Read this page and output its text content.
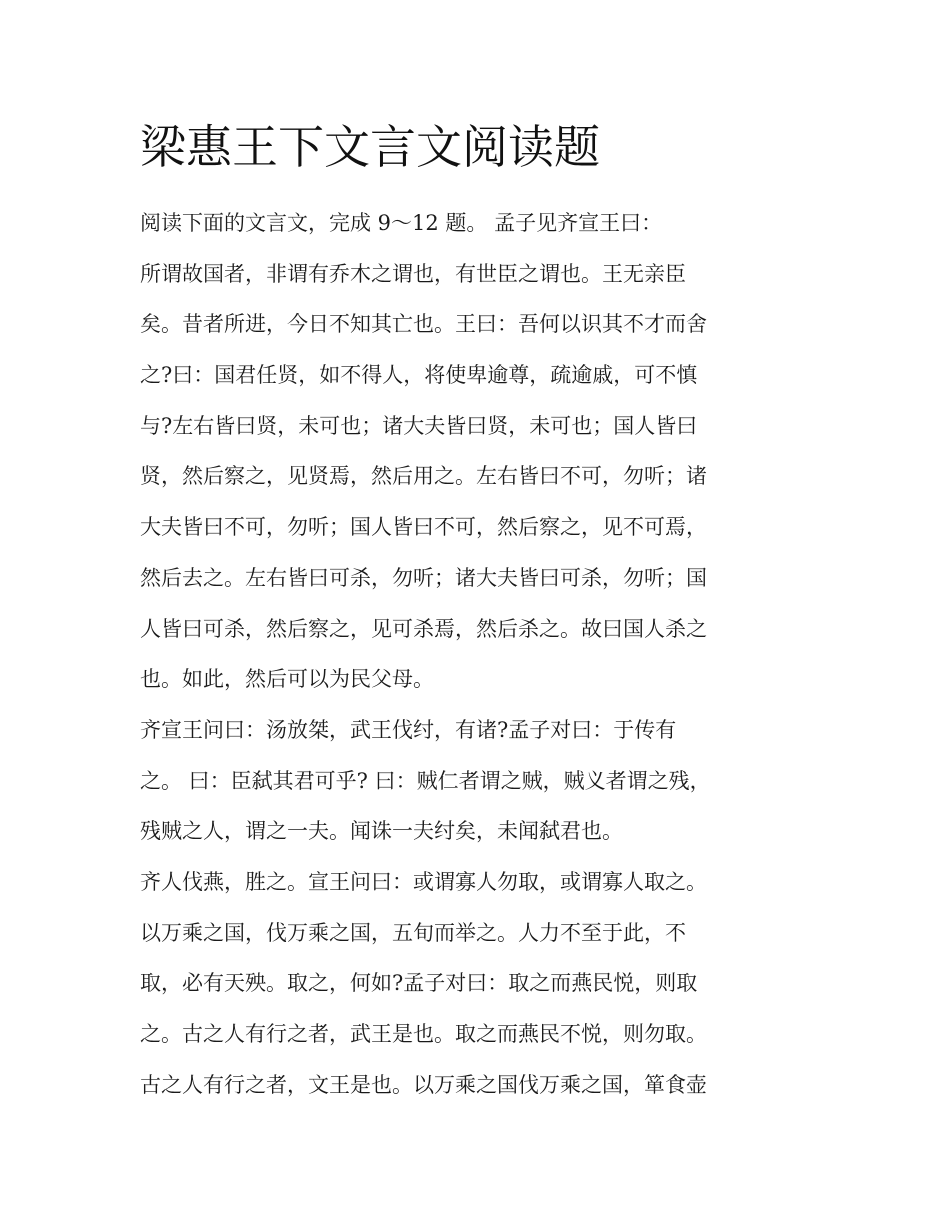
梁惠王下文言文阅读题
阅读下面的文言文，完成 9～12 题。 孟子见齐宣王曰：
所谓故国者，非谓有乔木之谓也，有世臣之谓也。王无亲臣
矣。昔者所进，今日不知其亡也。王曰：吾何以识其不才而舍
之?曰：国君任贤，如不得人，将使卑逾尊，疏逾戚，可不慎
与?左右皆曰贤，未可也；诸大夫皆曰贤，未可也；国人皆曰
贤，然后察之，见贤焉，然后用之。左右皆曰不可，勿听；诸
大夫皆曰不可，勿听；国人皆曰不可，然后察之，见不可焉，
然后去之。左右皆曰可杀，勿听；诸大夫皆曰可杀，勿听；国
人皆曰可杀，然后察之，见可杀焉，然后杀之。故曰国人杀之
也。如此，然后可以为民父母。
齐宣王问曰：汤放桀，武王伐纣，有诸?孟子对曰：于传有
之。 曰：臣弑其君可乎? 曰：贼仁者谓之贼，贼义者谓之残，
残贼之人，谓之一夫。闻诛一夫纣矣，未闻弑君也。
齐人伐燕，胜之。宣王问曰：或谓寡人勿取，或谓寡人取之。
以万乘之国，伐万乘之国，五旬而举之。人力不至于此，不
取，必有天殃。取之，何如?孟子对曰：取之而燕民悦，则取
之。古之人有行之者，武王是也。取之而燕民不悦，则勿取。
古之人有行之者，文王是也。以万乘之国伐万乘之国，箪食壶
